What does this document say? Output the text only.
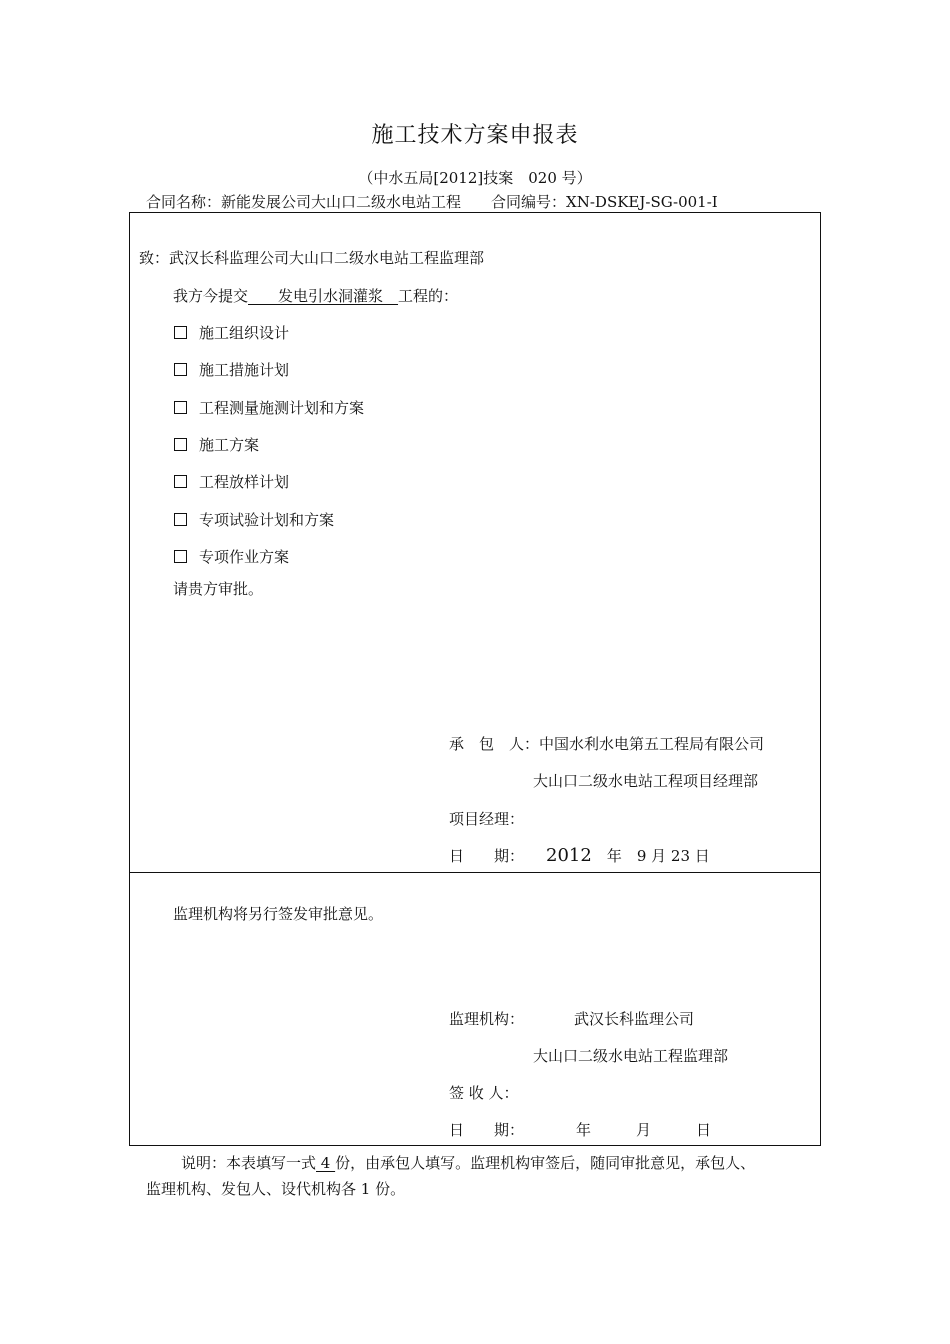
施工技术方案申报表
（中水五局[2012]技案　020 号）
合同名称：新能发展公司大山口二级水电站工程 合同编号：XN-DSKEJ-SG-001-Ⅰ
致：武汉长科监理公司大山口二级水电站工程监理部
我方今提交　　发电引水洞灌浆　工程的：
施工组织设计
施工措施计划
工程测量施测计划和方案
施工方案
工程放样计划
专项试验计划和方案
专项作业方案
请贵方审批。
承　包　人：中国水利水电第五工程局有限公司
大山口二级水电站工程项目经理部
项目经理：
日　　期： 2012　年　9 月 23 日
监理机构将另行签发审批意见。
监理机构：	武汉长科监理公司
大山口二级水电站工程监理部
签 收 人：
日　　期：	年　　　月　　　日
说明：本表填写一式 4 份，由承包人填写。监理机构审签后，随同审批意见，承包人、
监理机构、发包人、设代机构各 1 份。
